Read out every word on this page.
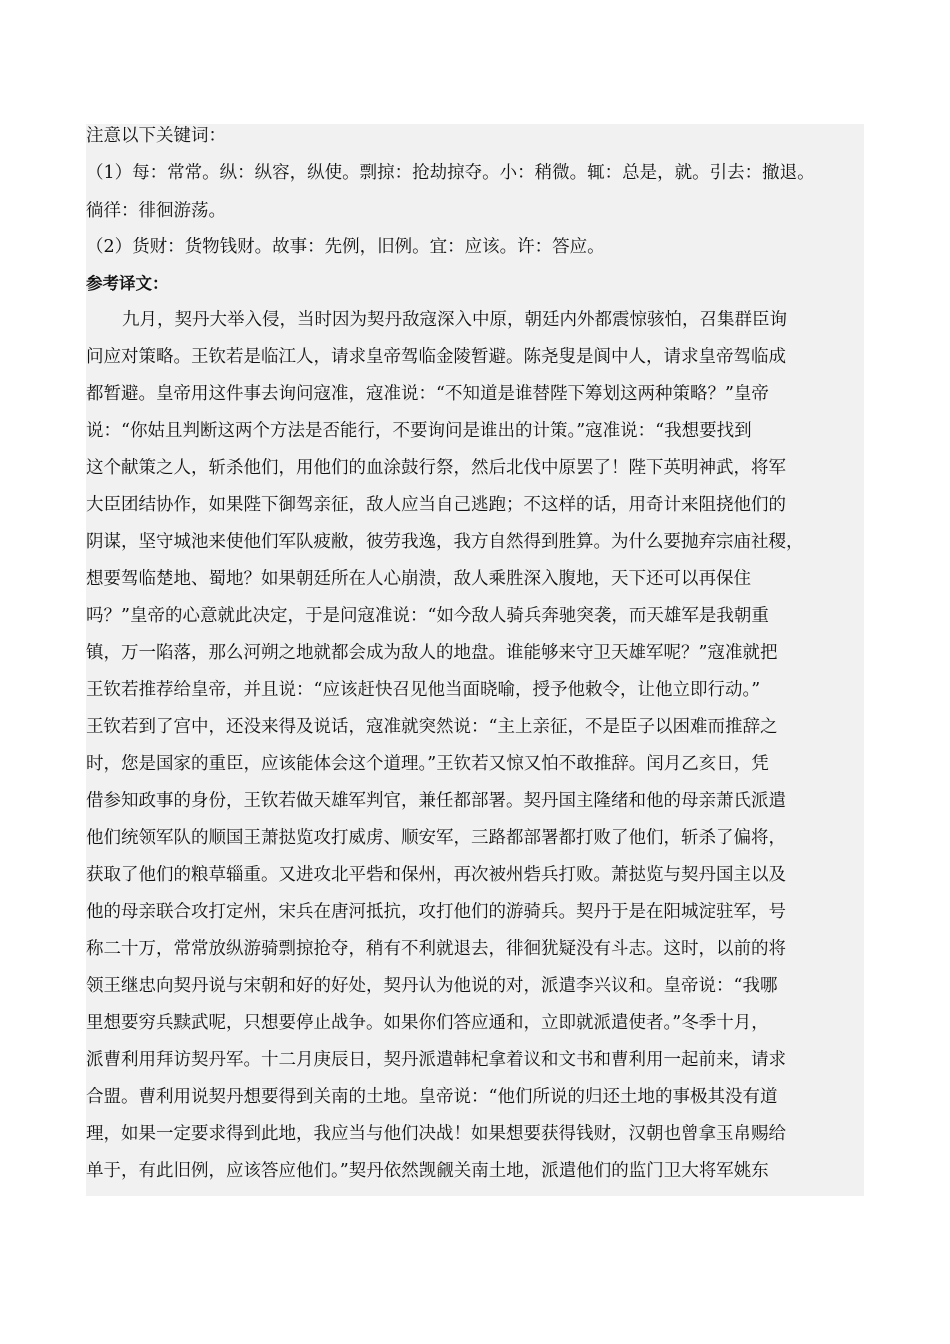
注意以下关键词：
（1）每：常常。纵：纵容，纵使。剽掠：抢劫掠夺。小：稍微。辄：总是，就。引去：撤退。
徜徉：徘徊游荡。
（2）货财：货物钱财。故事：先例，旧例。宜：应该。许：答应。
参考译文：
九月，契丹大举入侵，当时因为契丹敌寇深入中原，朝廷内外都震惊骇怕，召集群臣询
问应对策略。王钦若是临江人，请求皇帝驾临金陵暂避。陈尧叟是阆中人，请求皇帝驾临成
都暂避。皇帝用这件事去询问寇准，寇准说：“不知道是谁替陛下筹划这两种策略？”皇帝
说：“你姑且判断这两个方法是否能行，不要询问是谁出的计策。”寇准说：“我想要找到
这个献策之人，斩杀他们，用他们的血涂鼓行祭，然后北伐中原罢了！陛下英明神武，将军
大臣团结协作，如果陛下御驾亲征，敌人应当自己逃跑；不这样的话，用奇计来阻挠他们的
阴谋，坚守城池来使他们军队疲敝，彼劳我逸，我方自然得到胜算。为什么要抛弃宗庙社稷，
想要驾临楚地、蜀地？如果朝廷所在人心崩溃，敌人乘胜深入腹地，天下还可以再保住
吗？”皇帝的心意就此决定，于是问寇准说：“如今敌人骑兵奔驰突袭，而天雄军是我朝重
镇，万一陷落，那么河朔之地就都会成为敌人的地盘。谁能够来守卫天雄军呢？”寇准就把
王钦若推荐给皇帝，并且说：“应该赶快召见他当面晓喻，授予他敕令，让他立即行动。”
王钦若到了宫中，还没来得及说话，寇准就突然说：“主上亲征，不是臣子以困难而推辞之
时，您是国家的重臣，应该能体会这个道理。”王钦若又惊又怕不敢推辞。闰月乙亥日，凭
借参知政事的身份，王钦若做天雄军判官，兼任都部署。契丹国主隆绪和他的母亲萧氏派遣
他们统领军队的顺国王萧挞览攻打威虏、顺安军，三路都部署都打败了他们，斩杀了偏将，
获取了他们的粮草辎重。又进攻北平砦和保州，再次被州砦兵打败。萧挞览与契丹国主以及
他的母亲联合攻打定州，宋兵在唐河抵抗，攻打他们的游骑兵。契丹于是在阳城淀驻军，号
称二十万，常常放纵游骑剽掠抢夺，稍有不利就退去，徘徊犹疑没有斗志。这时，以前的将
领王继忠向契丹说与宋朝和好的好处，契丹认为他说的对，派遣李兴议和。皇帝说：“我哪
里想要穷兵黩武呢，只想要停止战争。如果你们答应通和，立即就派遣使者。”冬季十月，
派曹利用拜访契丹军。十二月庚辰日，契丹派遣韩杞拿着议和文书和曹利用一起前来，请求
合盟。曹利用说契丹想要得到关南的土地。皇帝说：“他们所说的归还土地的事极其没有道
理，如果一定要求得到此地，我应当与他们决战！如果想要获得钱财，汉朝也曾拿玉帛赐给
单于，有此旧例，应该答应他们。”契丹依然觊觎关南土地，派遣他们的监门卫大将军姚东
